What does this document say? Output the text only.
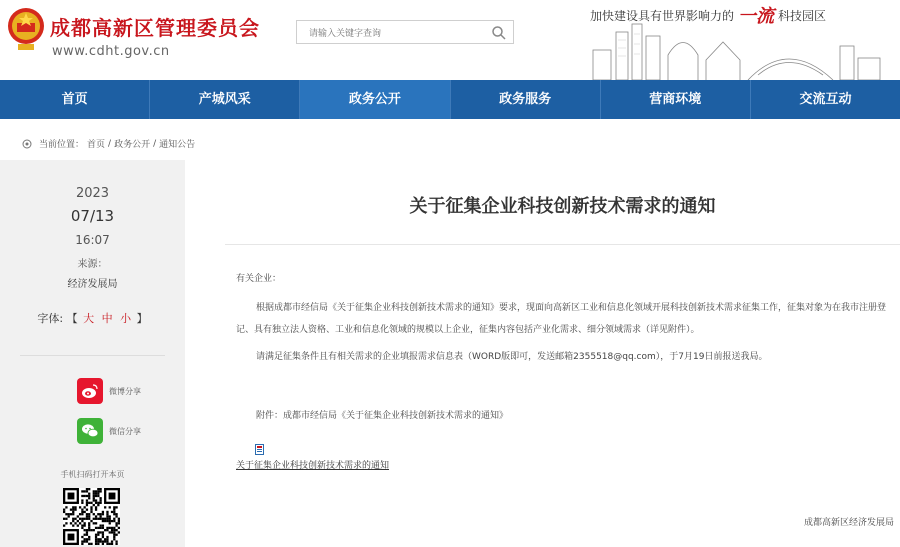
成都高新区管理委员会
www.cdht.gov.cn
请输入关键字查询
加快建设具有世界影响力的 一流 科技园区
首页	产城风采	政务公开	政务服务	营商环境	交流互动
当前位置： 首页 / 政务公开 / 通知公告
2023
07/13
16:07
来源：
经济发展局
字体: 【 大 中 小 】
微博分享
微信分享
手机扫码打开本页
关于征集企业科技创新技术需求的通知
有关企业：
根据成都市经信局《关于征集企业科技创新技术需求的通知》要求，现面向高新区工业和信息化领域开展科技创新技术需求征集工作，征集对象为在我市注册登记、具有独立法人资格、工业和信息化领域的规模以上企业，征集内容包括产业化需求、细分领域需求（详见附件）。
请满足征集条件且有相关需求的企业填报需求信息表（WORD版即可，发送邮箱2355518@qq.com），于7月19日前报送我局。
附件：成都市经信局《关于征集企业科技创新技术需求的通知》
关于征集企业科技创新技术需求的通知
成都高新区经济发展局
